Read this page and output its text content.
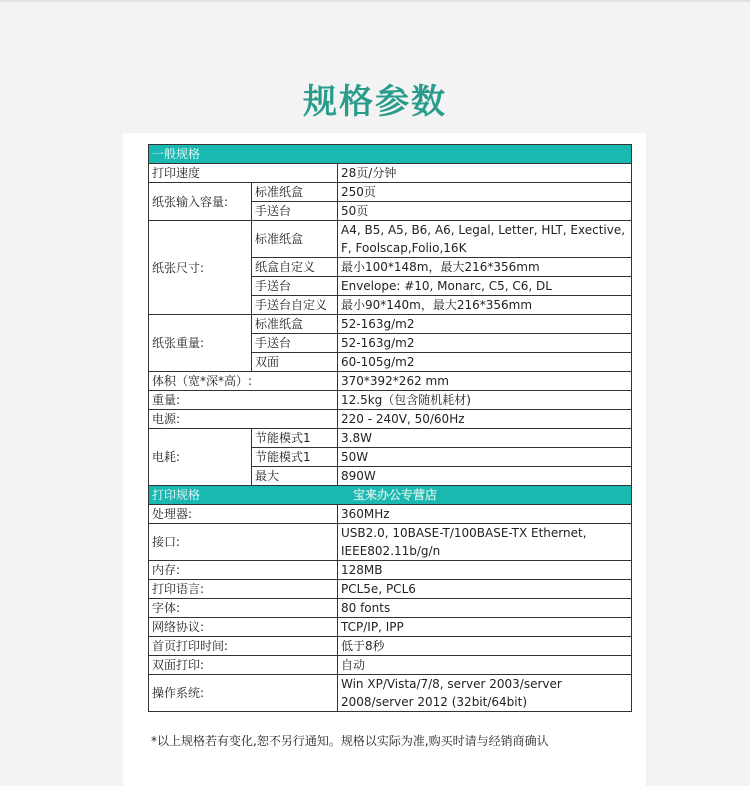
规格参数
一般规格		
打印速度		28页/分钟
纸张输入容量:	标准纸盒	250页
	手送台	50页
纸张尺寸:	标准纸盒	A4, B5, A5, B6, A6, Legal, Letter, HLT, Exective, F, Foolscap,Folio,16K
	纸盒自定义	最小100*148m，最大216*356mm
	手送台	Envelope: #10, Monarc, C5, C6, DL
	手送台自定义	最小90*140m，最大216*356mm
纸张重量:	标准纸盒	52-163g/m2
	手送台	52-163g/m2
	双面	60-105g/m2
体积（宽*深*高）:		370*392*262 mm
重量:		12.5kg（包含随机耗材)
电源:		220 - 240V, 50/60Hz
电耗:	节能模式1	3.8W
	节能模式1	50W
	最大	890W
打印规格 宝来办公专营店		
处理器:		360MHz
接口:		USB2.0, 10BASE-T/100BASE-TX Ethernet, IEEE802.11b/g/n
内存:		128MB
打印语言:		PCL5e, PCL6
字体:		80 fonts
网络协议:		TCP/IP, IPP
首页打印时间:		低于8秒
双面打印:		自动
操作系统:		Win XP/Vista/7/8, server 2003/server 2008/server 2012 (32bit/64bit)
*以上规格若有变化,恕不另行通知。规格以实际为准,购买时请与经销商确认
